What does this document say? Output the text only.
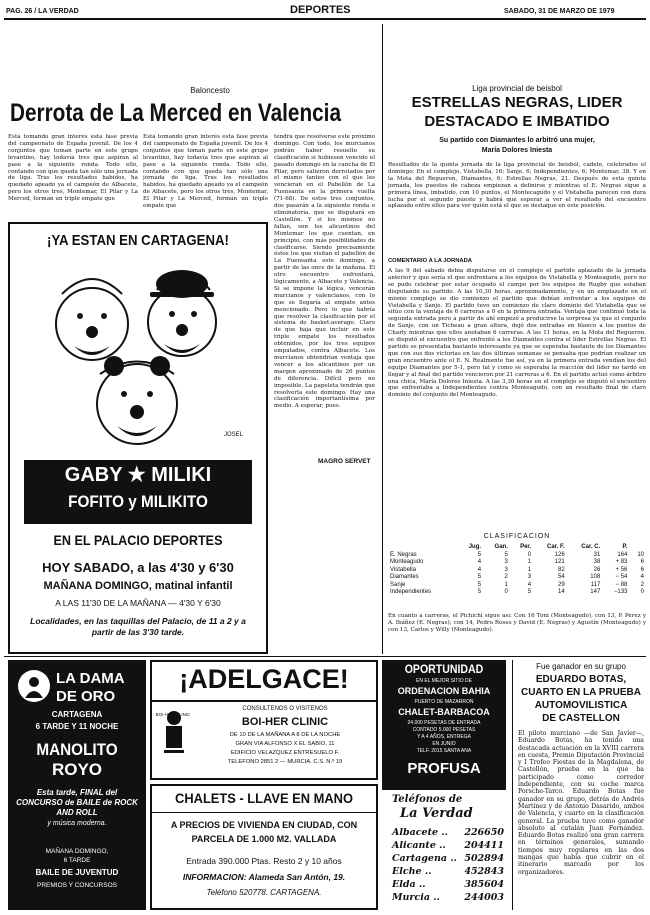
PAG. 26 / LA VERDAD	DEPORTES	SABADO, 31 DE MARZO DE 1979
Baloncesto
Derrota de La Merced en Valencia
Está tomando gran interés esta fase previa del campeonato de España juvenil. De los 4 conjuntos que toman parte en este grupo levantino, hay todavía tres que aspiran al pase a la siguiente ronda. Todo ello, contando con que queda tan sólo una jornada de liga. Tras los resultados habidos, ha quedado apeado ya el campeón de Albacete, pero los otros tres, Montemar, El Pilar y La Merced, forman un triple empate que
Está tomando gran interés esta fase previa del campeonato de España juvenil. De los 4 conjuntos que toman parte en este grupo levantino, hay todavía tres que aspiran al pase a la siguiente ronda. Todo ello, contando con que queda tan sólo una jornada de liga. Tras los resultados habidos, ha quedado apeado ya el campeón de Albacete, pero los otros tres, Montemar, El Pilar y La Merced, forman un triple empate que
tendrá que resolverse este próximo domingo. Con todo, los murcianos podrán haber resuelto su clasificación si hubiesen vencido el pasado domingo en la cancha de El Pilar, pero salieron derrotados por el mismo tanteo con el que les vencieran en el Pabellón de La Fuensanta en la primera vuelta (71-68). De estos tres conjuntos, dos pasarán a la siguiente ronda o eliminatoria, que se disputará en Castellón. Y si los mismos no fallan, son los alicantinos del Montemar los que cuentan, en principio, con más posibilidades de clasificarse. Siendo precisamente éstos los que visitan el pabellón de La Fuensanta este domingo, a partir de las once de la mañana. El otro encuentro enfrentará, lógicamente, a Albacete y Valencia. Si se impone la lógica, vencerán murcianos y valencianos, con lo que se llegaría al empate antes mencionado. Pero lo que habría que resolver la clasificación por el sistema de basket-average. Claro de que baja que incluir en este triple empate los resultados obtenidos, por los tres equipos empatados, contra Albacete. Los murcianos obtendrían ventaja que vencer a los alicantinos por un margen aproximado de 26 puntos de diferencia. Difícil pero no imposible. La papeleta tendrán que resolverla este domingo. Hay una clasificación importantísima por medio. A esperar, pues.
MAGRO SERVET
¡YA ESTAN EN CARTAGENA!
JOSEL
GABY ★ MILIKI
FOFITO y MILIKITO
EN EL PALACIO DEPORTES
HOY SABADO, a las 4'30 y 6'30
MAÑANA DOMINGO, matinal infantil
A LAS 11'30 DE LA MAÑANA — 4'30 Y 6'30
Localidades, en las taquillas del Palacio, de 11 a 2 y a partir de las 3'30 tarde.
Liga provincial de beisbol
ESTRELLAS NEGRAS, LIDER
DESTACADO E IMBATIDO
Su partido con Diamantes lo arbitró una mujer,
María Dolores Iniesta
Resultados de la quinta jornada de la liga provincial de beisbol, cadete, celebrados el domingo: En el complejo, Vistabella, 16; Sanje, 6; Independientes, 6; Montemar, 38. Y en la Mota del Regueron, Diamantes, 6; Estrellas Negras, 21. Después de esta quinta jornada, los puestos de cabeza empiezan a definirse y mientras el E. Negras sigue a primera línea, imbatido, con 10 puntos, el Montecagudo y el Vistabella parecen con dura lucha por el segundo puesto y habrá que esperar a ver el resultado del encuentro aplazado entre ellos para ver quién está el que se destaque en este posición.
COMENTARIO A LA JORNADA
A las 9 del sábado debía disputarse en el complejo el partido aplazado de la jornada anterior y que sería el que enfrentara a los equipos de Vistabella y Monteagudo, pero no se pudo celebrar por estar ocupado el campo por los equipos de Rugby que estaban disputando su partido. A las 10,30 horas, aproximadamente, y en un emplazado en el mismo complejo se dio comienzo el partido que debían enfrentar a los equipos de Vistabella y Sanje. El partido tuvo un comienzo de claro dominio del Vistabella que se sitúo con la ventaja de 6 carreras a 0 en la primera entrada. Ventaja que continuó toda la segunda entrada pero a partir de ahí empezó a producirse la sorpresa ya que el conjunto de Sanje, con un Ticheau a gran altura, dejó dos entradas en blanco a los puntos de Charly mientras que ellos anotaban 6 carreras. A las 11 horas, en la Mota del Regueron, se disputó el encuentro que enfrentó a los Diamantes contra el líder Estrellas Negras. El partido se presentaba bastante interesante ya que se esperaba bastante de los Diamantes que con sus dos victorias en las dos últimas semanas se pensaba que podrían realizar un gran encuentro ante el E. N. Realmente fue así, ya en la primera entrada vendían los del equipo Diamantes por 5-1, pero tal y como se esperaba la reacción del líder no tardó en llegar y al final del partido vencieron por 21 carreras a 6. En el partido actuó como árbitro una chica, María Dolores Iniesta. A las 3,30 horas en el complejo se disputó el encuentro que enfrentaba a Independientes contra Monteagudo, con un resultado final de claro dominio del conjunto del Monteagudo.
CLASIFICACION
	Jug.	Gan.	Per.	Car. F.	Car. C.	P.	
E. Negras	5	5	0	126	31	164	10
Monteagudo	4	3	1	121	38	+ 83	6
Vistabella	4	3	1	82	26	+ 56	6
Diamantes	5	2	3	54	108	− 54	4
Sanje	5	1	4	29	117	− 88	2
Independientes	5	0	5	14	147	−133	0
En cuanto a carreras, el Pichichi sigue así: Con 16 Toni (Monteagudo), con 13, P. Pérez y A. Ibáñez (E. Negras); con 14, Pedro Roses y David (E. Negras) y Agustín (Monteagudo) y con 13, Carlos y Willy (Monteagudo).
LA DAMA
DE ORO
CARTAGENA
6 TARDE Y 11 NOCHE
MANOLITO
ROYO
Esta tarde, FINAL del CONCURSO de BAILE de ROCK AND ROLL
y música moderna.
MAÑANA DOMINGO,
6 TARDE
BAILE DE JUVENTUD
PREMIOS Y CONCURSOS
¡ADELGACE!
BOI-HER CLINIC
CONSULTENOS O VISITENOS
BOI-HER CLINIC
DE 10 DE LA MAÑANA A 8 DE LA NOCHE
GRAN VIA ALFONSO X EL SABIO, 11
EDIFICIO VELAZQUEZ ENTRESUELO F.
TELEFONO 2851 2 — MURCIA. C.S. N.º 19
CHALETS - LLAVE EN MANO
A PRECIOS DE VIVIENDA EN CIUDAD, CON
PARCELA DE 1.000 M2. VALLADA
Entrada 390.000 Ptas. Resto 2 y 10 años
INFORMACION: Alameda San Antón, 19.
Teléfono 520778. CARTAGENA.
OPORTUNIDAD
EN EL MEJOR SITIO DE
ORDENACION BAHIA
PUERTO DE MAZARRON
CHALET-BARBACOA
24.000 PESETAS DE ENTRADA
CONTADO 5.000 PESETAS
Y A 4 AÑOS, ENTREGA
EN JUNIO
TELF. 2015 SANTA ANA
PROFUSA
Teléfonos de
La Verdad
Albacete .. 226650
Alicante .. 204411
Cartagena .. 502894
Elche ..	452843
Elda ..	385604
Murcia ..	244003
Fue ganador en su grupo
EDUARDO BOTAS,
CUARTO EN LA PRUEBA
AUTOMOVILISTICA
DE CASTELLON
El piloto murciano —de San Javier—, Eduardo Botas, ha tenido una destacada actuación en la XVIII carrera en cuesta, Premio Diputación Provincial y I Trofeo Fiestas de la Magdalena, de Castellón, prueba en la que ha participado como corredor independiente, con su coche marca Porsche-Tarco. Eduardo Botas fue ganador en su grupo, detrás de Andrés Martínez y de Antonio Dasarido, ambos de Valencia, y cuarto en la clasificación general. La prueba tuvo como ganador absoluto al catalán Juan Fernández. Eduardo Botas realizó una gran carrera en términos generales, sumando tiempos muy regulares en las dos mangas que había que cubrir en el itinerario marcado por los organizadores.
